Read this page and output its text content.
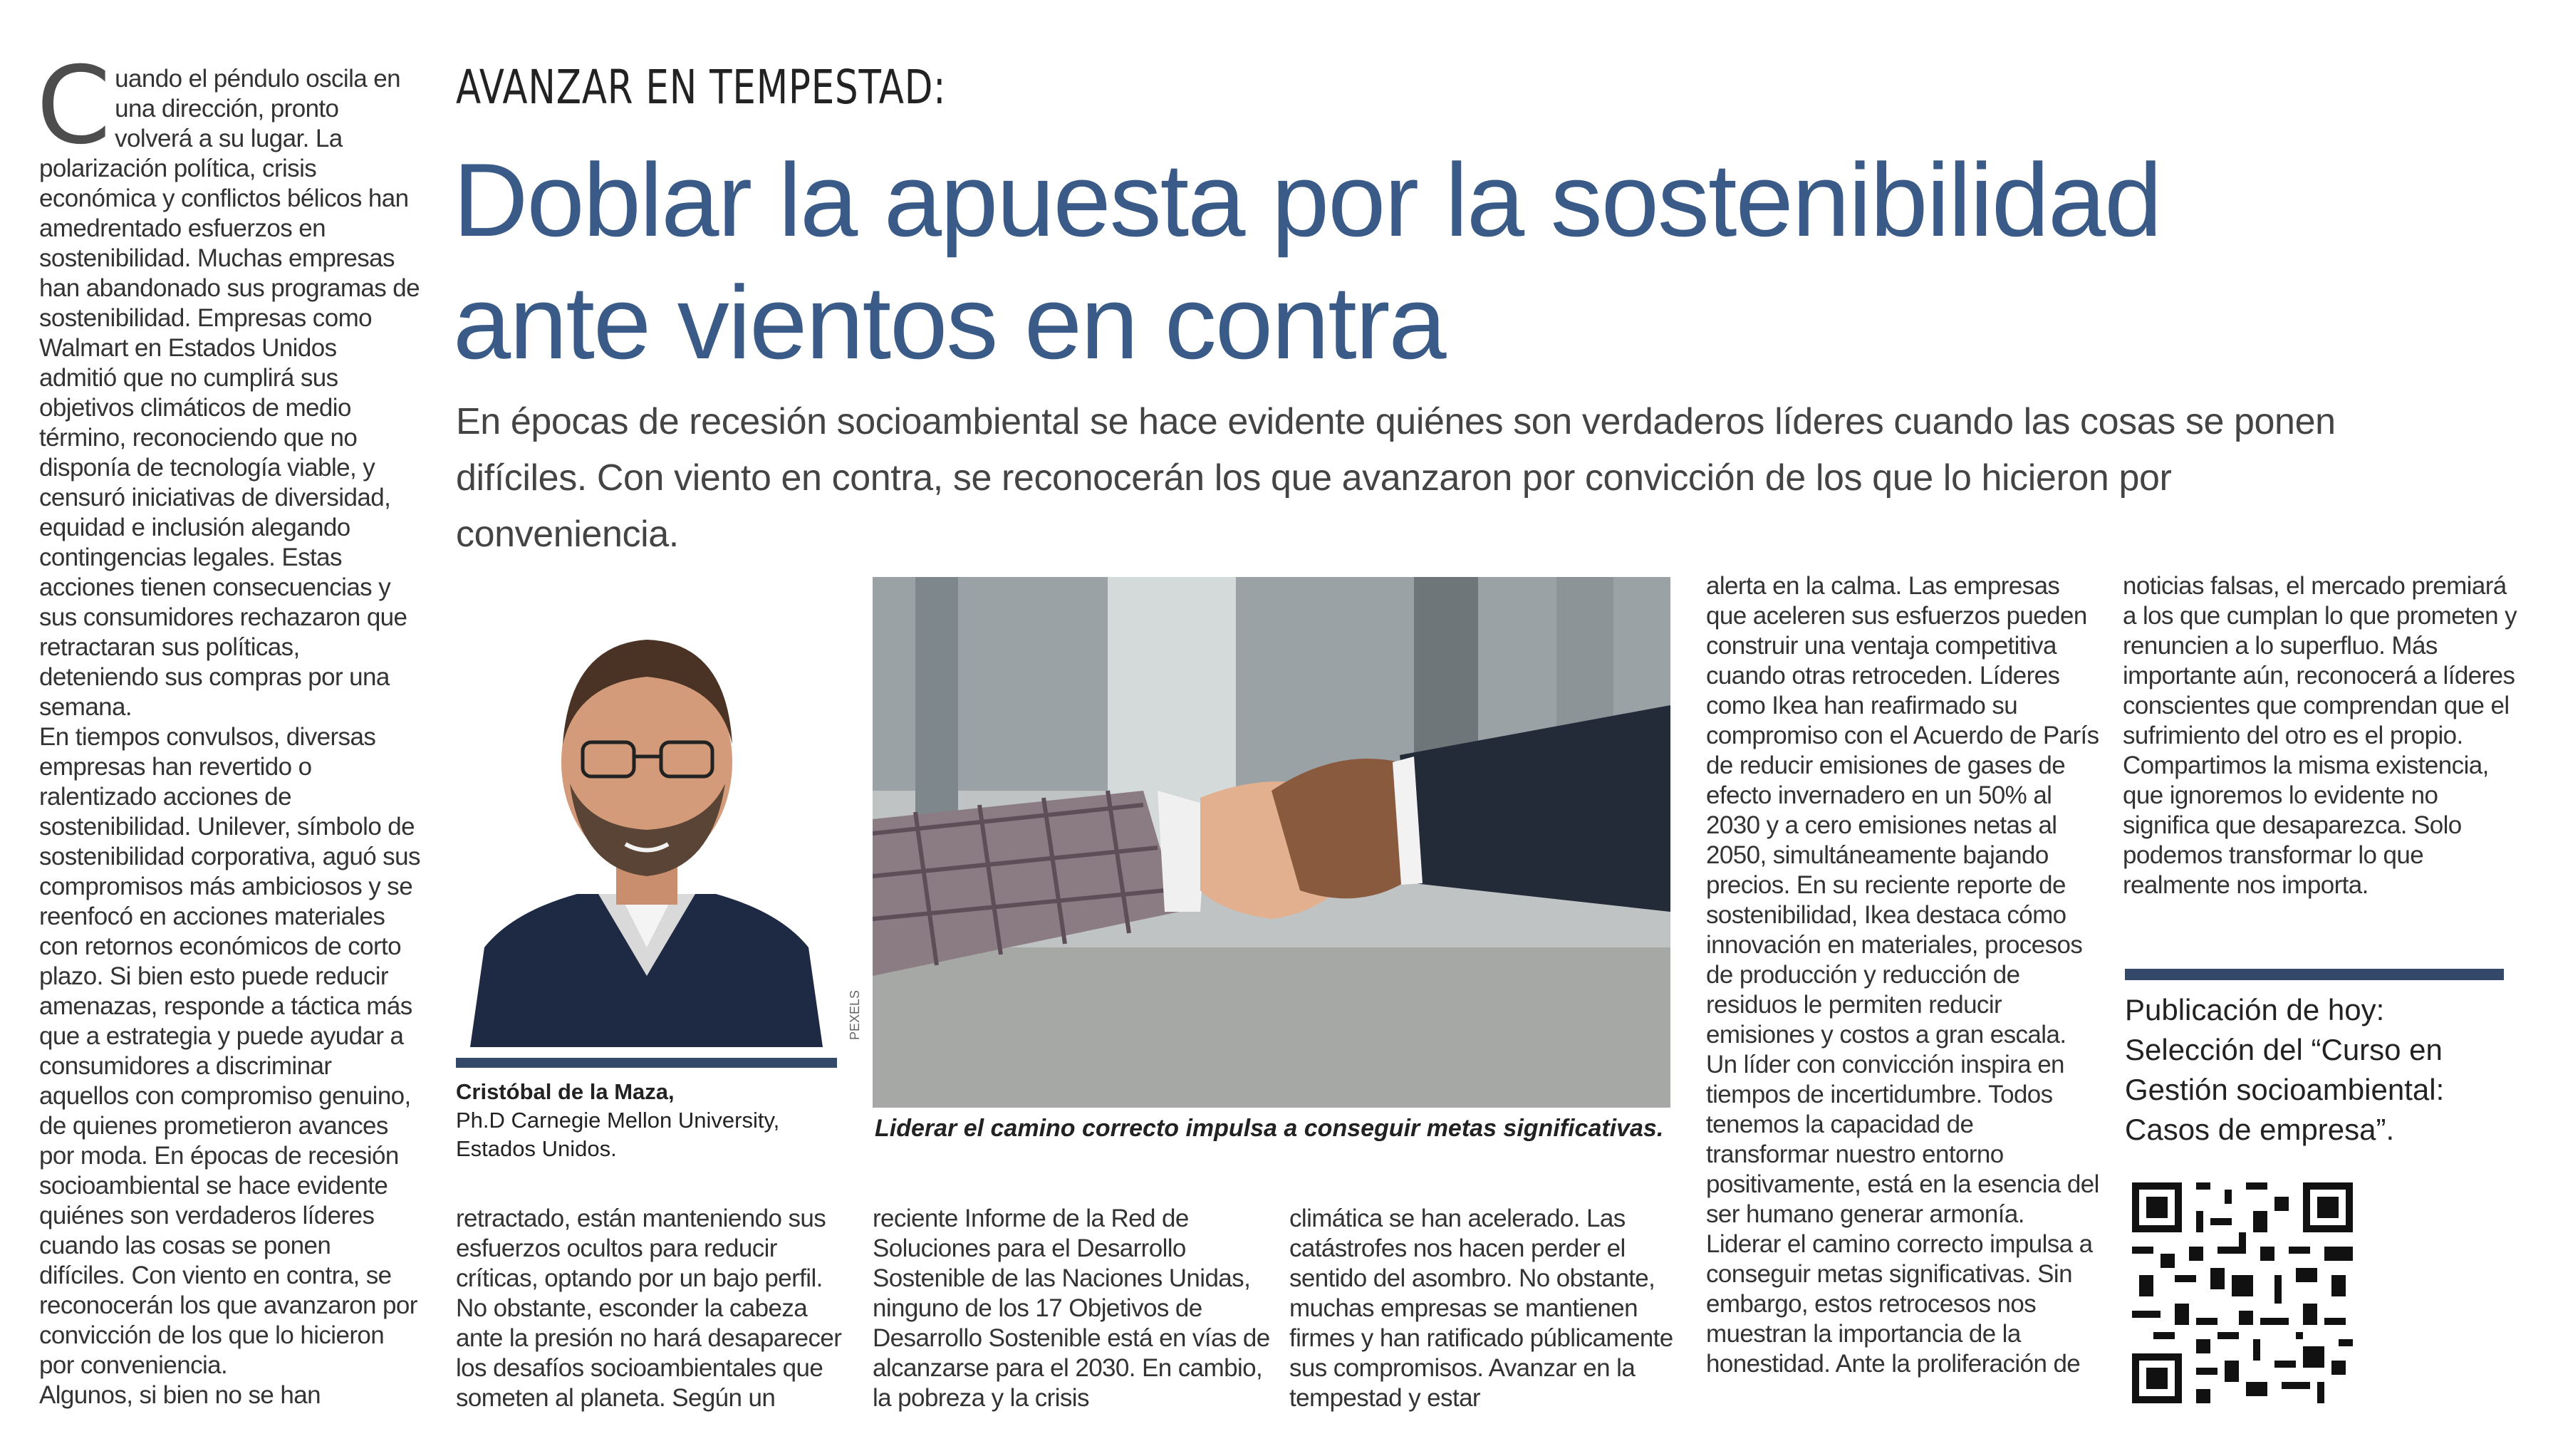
AVANZAR EN TEMPESTAD:
Doblar la apuesta por la sostenibilidad ante vientos en contra

En épocas de recesión socioambiental se hace evidente quiénes son verdaderos líderes cuando las cosas se ponen difíciles. Con viento en contra, se reconocerán los que avanzaron por convicción de los que lo hicieron por conveniencia.

Cuando el péndulo oscila en una dirección, pronto volverá a su lugar. La polarización política, crisis económica y conflictos bélicos han amedrentado esfuerzos en sostenibilidad. Muchas empresas han abandonado sus programas de sostenibilidad. Empresas como Walmart en Estados Unidos admitió que no cumplirá sus objetivos climáticos de medio término, reconociendo que no disponía de tecnología viable, y censuró iniciativas de diversidad, equidad e inclusión alegando contingencias legales. Estas acciones tienen consecuencias y sus consumidores rechazaron que retractaran sus políticas, deteniendo sus compras por una semana.
En tiempos convulsos, diversas empresas han revertido o ralentizado acciones de sostenibilidad. Unilever, símbolo de sostenibilidad corporativa, aguó sus compromisos más ambiciosos y se reenfocó en acciones materiales con retornos económicos de corto plazo. Si bien esto puede reducir amenazas, responde a táctica más que a estrategia y puede ayudar a consumidores a discriminar aquellos con compromiso genuino, de quienes prometieron avances por moda. En épocas de recesión socioambiental se hace evidente quiénes son verdaderos líderes cuando las cosas se ponen difíciles. Con viento en contra, se reconocerán los que avanzaron por convicción de los que lo hicieron por conveniencia.
Algunos, si bien no se han
Cristóbal de la Maza,
Ph.D Carnegie Mellon University,
Estados Unidos.
PEXELS
Liderar el camino correcto impulsa a conseguir metas significativas.
retractado, están manteniendo sus esfuerzos ocultos para reducir críticas, optando por un bajo perfil. No obstante, esconder la cabeza ante la presión no hará desaparecer los desafíos socioambientales que someten al planeta. Según un
reciente Informe de la Red de Soluciones para el Desarrollo Sostenible de las Naciones Unidas, ninguno de los 17 Objetivos de Desarrollo Sostenible está en vías de alcanzarse para el 2030. En cambio, la pobreza y la crisis
climática se han acelerado. Las catástrofes nos hacen perder el sentido del asombro. No obstante, muchas empresas se mantienen firmes y han ratificado públicamente sus compromisos. Avanzar en la tempestad y estar
alerta en la calma. Las empresas que aceleren sus esfuerzos pueden construir una ventaja competitiva cuando otras retroceden. Líderes como Ikea han reafirmado su compromiso con el Acuerdo de París de reducir emisiones de gases de efecto invernadero en un 50% al 2030 y a cero emisiones netas al 2050, simultáneamente bajando precios. En su reciente reporte de sostenibilidad, Ikea destaca cómo innovación en materiales, procesos de producción y reducción de residuos le permiten reducir emisiones y costos a gran escala.
Un líder con convicción inspira en tiempos de incertidumbre. Todos tenemos la capacidad de transformar nuestro entorno positivamente, está en la esencia del ser humano generar armonía. Liderar el camino correcto impulsa a conseguir metas significativas. Sin embargo, estos retrocesos nos muestran la importancia de la honestidad. Ante la proliferación de
noticias falsas, el mercado premiará a los que cumplan lo que prometen y renuncien a lo superfluo. Más importante aún, reconocerá a líderes conscientes que comprendan que el sufrimiento del otro es el propio. Compartimos la misma existencia, que ignoremos lo evidente no significa que desaparezca. Solo podemos transformar lo que realmente nos importa.

Publicación de hoy: Selección del “Curso en Gestión socioambiental: Casos de empresa”.
